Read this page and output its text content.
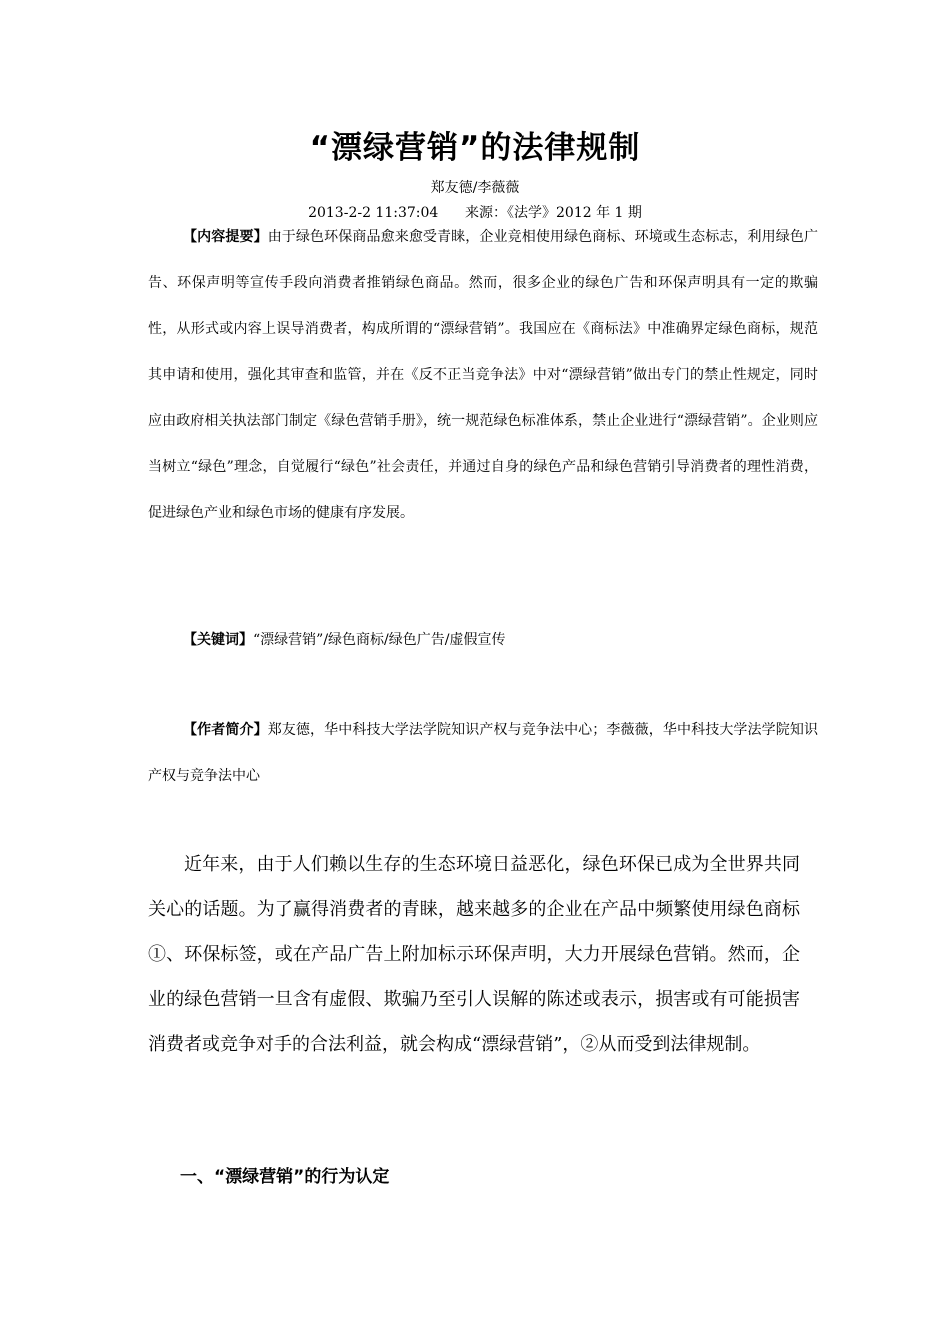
“漂绿营销”的法律规制
郑友德/李薇薇
2013-2-2 11:37:04 来源：《法学》2012 年 1 期

【内容提要】由于绿色环保商品愈来愈受青睐，企业竞相使用绿色商标、环境或生态标志，利用绿色广告、环保声明等宣传手段向消费者推销绿色商品。然而，很多企业的绿色广告和环保声明具有一定的欺骗性，从形式或内容上误导消费者，构成所谓的“漂绿营销”。我国应在《商标法》中准确界定绿色商标，规范其申请和使用，强化其审查和监管，并在《反不正当竞争法》中对“漂绿营销”做出专门的禁止性规定，同时应由政府相关执法部门制定《绿色营销手册》，统一规范绿色标准体系，禁止企业进行“漂绿营销”。企业则应当树立“绿色”理念，自觉履行“绿色”社会责任，并通过自身的绿色产品和绿色营销引导消费者的理性消费，促进绿色产业和绿色市场的健康有序发展。

【关键词】“漂绿营销”/绿色商标/绿色广告/虚假宣传

【作者简介】郑友德，华中科技大学法学院知识产权与竞争法中心；李薇薇，华中科技大学法学院知识产权与竞争法中心

近年来，由于人们赖以生存的生态环境日益恶化，绿色环保已成为全世界共同关心的话题。为了赢得消费者的青睐，越来越多的企业在产品中频繁使用绿色商标①、环保标签，或在产品广告上附加标示环保声明，大力开展绿色营销。然而，企业的绿色营销一旦含有虚假、欺骗乃至引人误解的陈述或表示，损害或有可能损害消费者或竞争对手的合法利益，就会构成“漂绿营销”，②从而受到法律规制。

一、“漂绿营销”的行为认定
